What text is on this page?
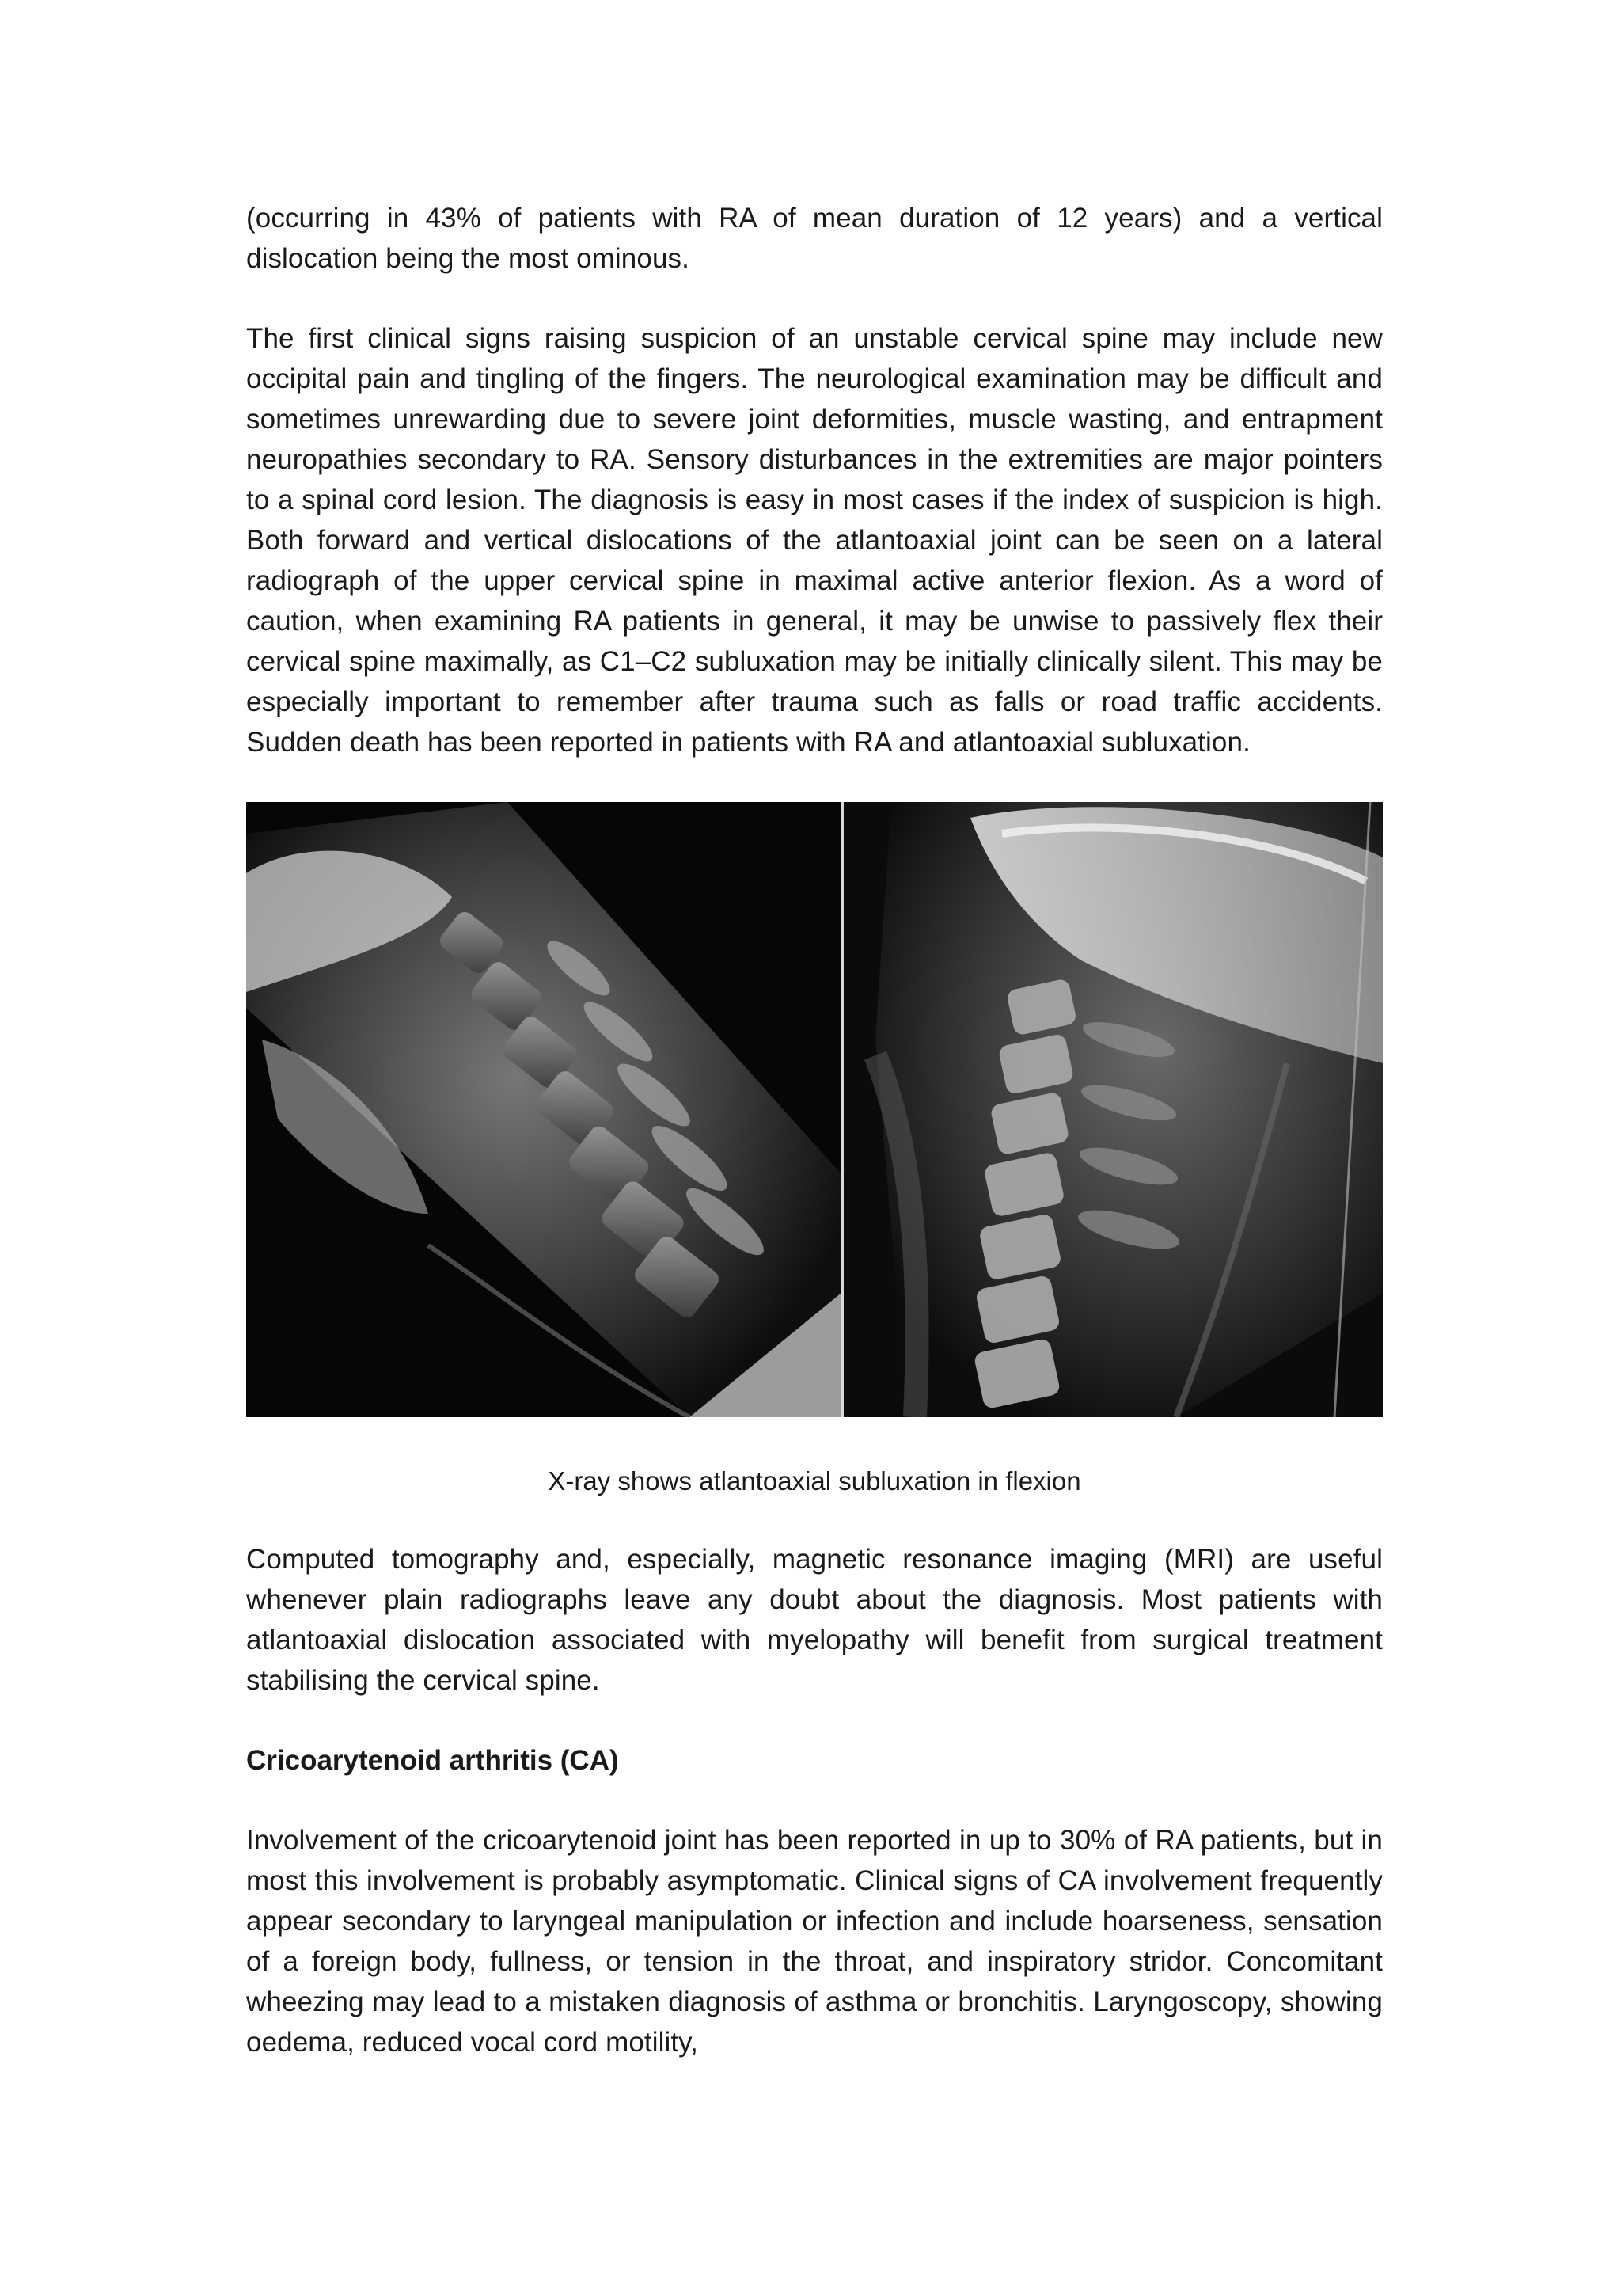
(occurring in 43% of patients with RA of mean duration of 12 years) and a vertical dislocation being the most ominous.

The first clinical signs raising suspicion of an unstable cervical spine may include new occipital pain and tingling of the fingers. The neurological examination may be difficult and sometimes unrewarding due to severe joint deformities, muscle wasting, and entrapment neuropathies secondary to RA. Sensory disturbances in the extremities are major pointers to a spinal cord lesion. The diagnosis is easy in most cases if the index of suspicion is high. Both forward and vertical dislocations of the atlantoaxial joint can be seen on a lateral radiograph of the upper cervical spine in maximal active anterior flexion. As a word of caution, when examining RA patients in general, it may be unwise to passively flex their cervical spine maximally, as C1–C2 subluxation may be initially clinically silent. This may be especially important to remember after trauma such as falls or road traffic accidents. Sudden death has been reported in patients with RA and atlantoaxial subluxation.

X-ray shows atlantoaxial subluxation in flexion

Computed tomography and, especially, magnetic resonance imaging (MRI) are useful whenever plain radiographs leave any doubt about the diagnosis. Most patients with atlantoaxial dislocation associated with myelopathy will benefit from surgical treatment stabilising the cervical spine.

Cricoarytenoid arthritis (CA)

Involvement of the cricoarytenoid joint has been reported in up to 30% of RA patients, but in most this involvement is probably asymptomatic. Clinical signs of CA involvement frequently appear secondary to laryngeal manipulation or infection and include hoarseness, sensation of a foreign body, fullness, or tension in the throat, and inspiratory stridor. Concomitant wheezing may lead to a mistaken diagnosis of asthma or bronchitis. Laryngoscopy, showing oedema, reduced vocal cord motility,
